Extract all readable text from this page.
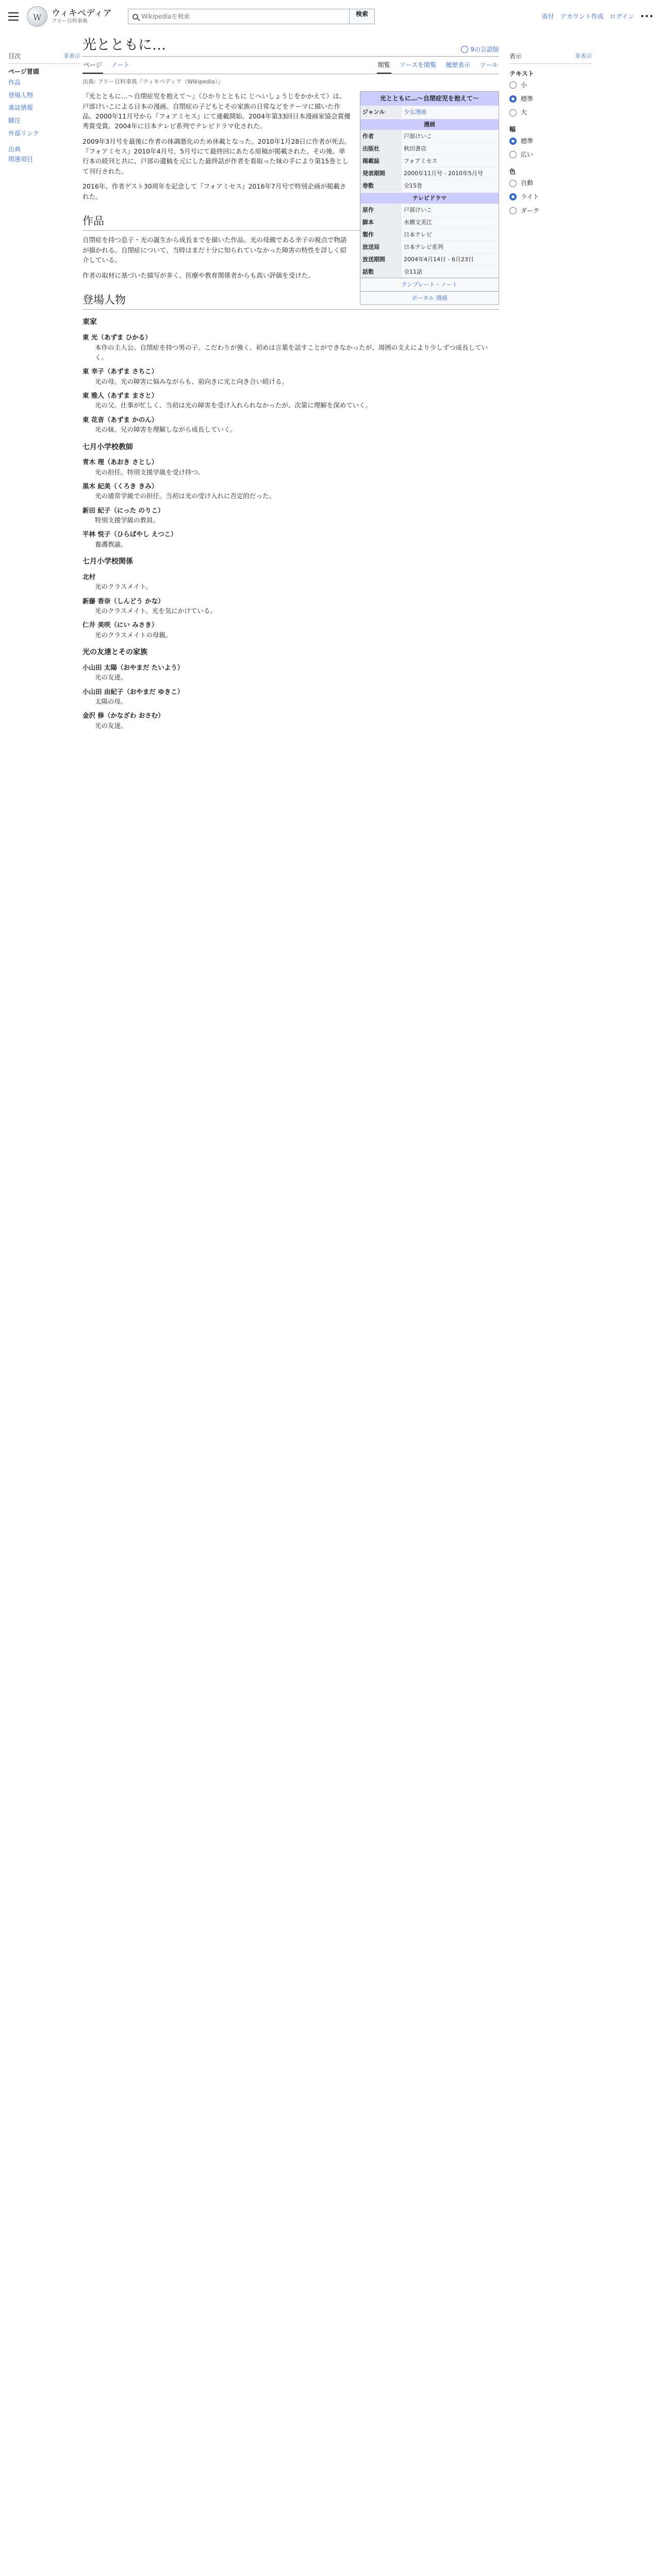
W
ウィキペディア
フリー百科事典
Wikipediaを検索	検索	寄付 アカウント作成 ログイン •••
目次	非表示
ページ冒頭
作品
登場人物
書誌情報
脚注
外部リンク
出典
関連項目
光とともに…	9の言語版
ページ ノート	閲覧 ソースを閲覧 履歴表示 ツール
出典: フリー百科事典『ウィキペディア（Wikipedia）』
光とともに…〜自閉症児を抱えて〜
ジャンル	少女漫画
漫画
作者	戸部けいこ
出版社	秋田書店
掲載誌	フォアミセス
発表期間	2000年11月号 - 2010年5月号
巻数	全15巻
テレビドラマ
原作	戸部けいこ
脚本	水橋文美江
製作	日本テレビ
放送局	日本テレビ系列
放送期間	2004年4月14日 - 6月23日
話数	全11話
テンプレート・ノート
ポータル 漫画

『光とともに…〜自閉症児を抱えて〜』（ひかりとともに じへいしょうじをかかえて）は、戸部けいこによる日本の漫画。自閉症の子どもとその家族の日常などをテーマに描いた作品。2000年11月号から『フォアミセス』にて連載開始。2004年第33回日本漫画家協会賞優秀賞受賞。2004年に日本テレビ系列でテレビドラマ化された。

2009年3月号を最後に作者の体調悪化のため休載となった。2010年1月28日に作者が死去。『フォアミセス』2010年4月号、5月号にて最終回にあたる原稿が掲載された。その後、単行本の続刊と共に、戸部の遺稿を元にした最終話が作者を看取った妹の手により第15巻として刊行された。

2016年、作者ゲスト30周年を記念して『フォアミセス』2016年7月号で特別企画が掲載された。

作品

自閉症を持つ息子・光の誕生から成長までを描いた作品。光の母親である幸子の視点で物語が描かれる。自閉症について、当時はまだ十分に知られていなかった障害の特性を詳しく紹介している。

作者の取材に基づいた描写が多く、医療や教育関係者からも高い評価を受けた。

登場人物
東家
東 光（あずま ひかる）
本作の主人公。自閉症を持つ男の子。こだわりが強く、初めは言葉を話すことができなかったが、周囲の支えにより少しずつ成長していく。
東 幸子（あずま さちこ）
光の母。光の障害に悩みながらも、前向きに光と向き合い続ける。
東 雅人（あずま まさと）
光の父。仕事が忙しく、当初は光の障害を受け入れられなかったが、次第に理解を深めていく。
東 花音（あずま かのん）
光の妹。兄の障害を理解しながら成長していく。
七月小学校教師
青木 理（あおき さとし）
光の担任。特別支援学級を受け持つ。
黒木 紀美（くろき きみ）
光の通常学級での担任。当初は光の受け入れに否定的だった。
新田 紀子（にった のりこ）
特別支援学級の教員。
平林 悦子（ひらばやし えつこ）
養護教諭。
七月小学校関係
北村
光のクラスメイト。
新藤 香奈（しんどう かな）
光のクラスメイト。光を気にかけている。
仁井 美咲（にい みさき）
光のクラスメイトの母親。
光の友達とその家族
小山田 太陽（おやまだ たいよう）
光の友達。
小山田 由紀子（おやまだ ゆきこ）
太陽の母。
金沢 修（かなざわ おさむ）
光の友達。
表示	非表示
テキスト
小
標準
大
幅
標準
広い
色
自動
ライト
ダーク
